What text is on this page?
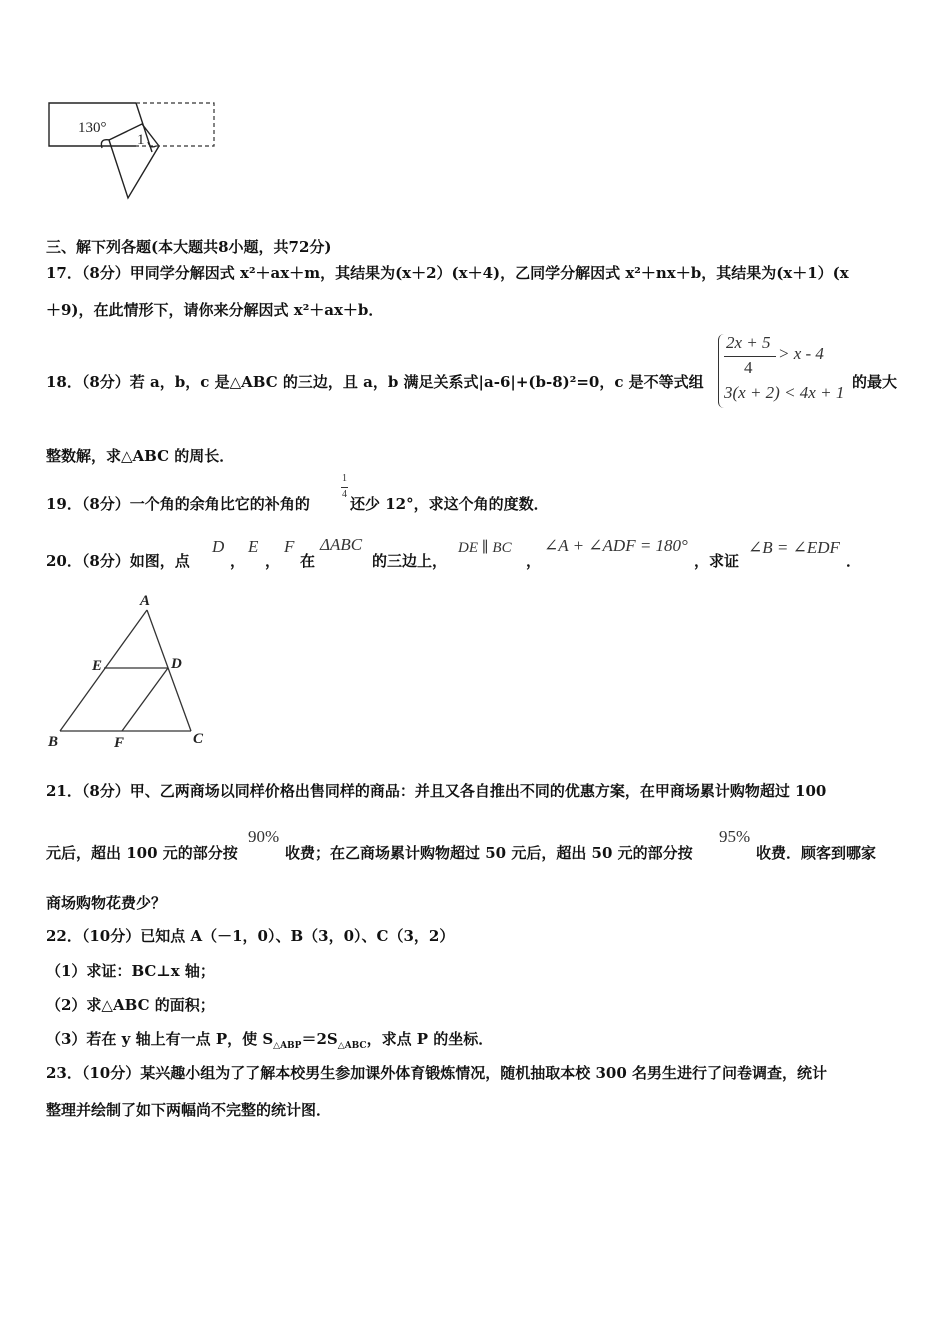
130°
1
三、解下列各题(本大题共8小题，共72分)
17．（8分）甲同学分解因式 x²＋ax＋m，其结果为(x＋2）(x＋4)，乙同学分解因式 x²＋nx＋b，其结果为(x＋1）(x
＋9)，在此情形下，请你来分解因式 x²＋ax＋b．
18．（8分）若 a，b，c 是△ABC 的三边，且 a，b 满足关系式|a-6|+(b-8)²=0，c 是不等式组
2x + 5
4
> x - 4
3(x + 2) < 4x + 1
的最大
整数解，求△ABC 的周长．
19．（8分）一个角的余角比它的补角的
1
4
还少 12°，求这个角的度数．
20．（8分）如图，点
D
，
E
，
F
在
ΔABC
的三边上，
DE ∥ BC
，
∠A + ∠ADF = 180°
，求证
∠B = ∠EDF
．
A
E	D
B	F	C
21．（8分）甲、乙两商场以同样价格出售同样的商品：并且又各自推出不同的优惠方案，在甲商场累计购物超过 100
元后，超出 100 元的部分按
90%
收费；在乙商场累计购物超过 50 元后，超出 50 元的部分按
95%
收费．顾客到哪家
商场购物花费少？
22．（10分）已知点 A（－1，0）、B（3，0）、C（3，2）
（1）求证：BC⊥x 轴；
（2）求△ABC 的面积；
（3）若在 y 轴上有一点 P，使 $S_{\triangle ABP}=2S_{\triangle ABC}$，求点 P 的坐标．
23．（10分）某兴趣小组为了了解本校男生参加课外体育锻炼情况，随机抽取本校 300 名男生进行了问卷调查，统计
整理并绘制了如下两幅尚不完整的统计图．
